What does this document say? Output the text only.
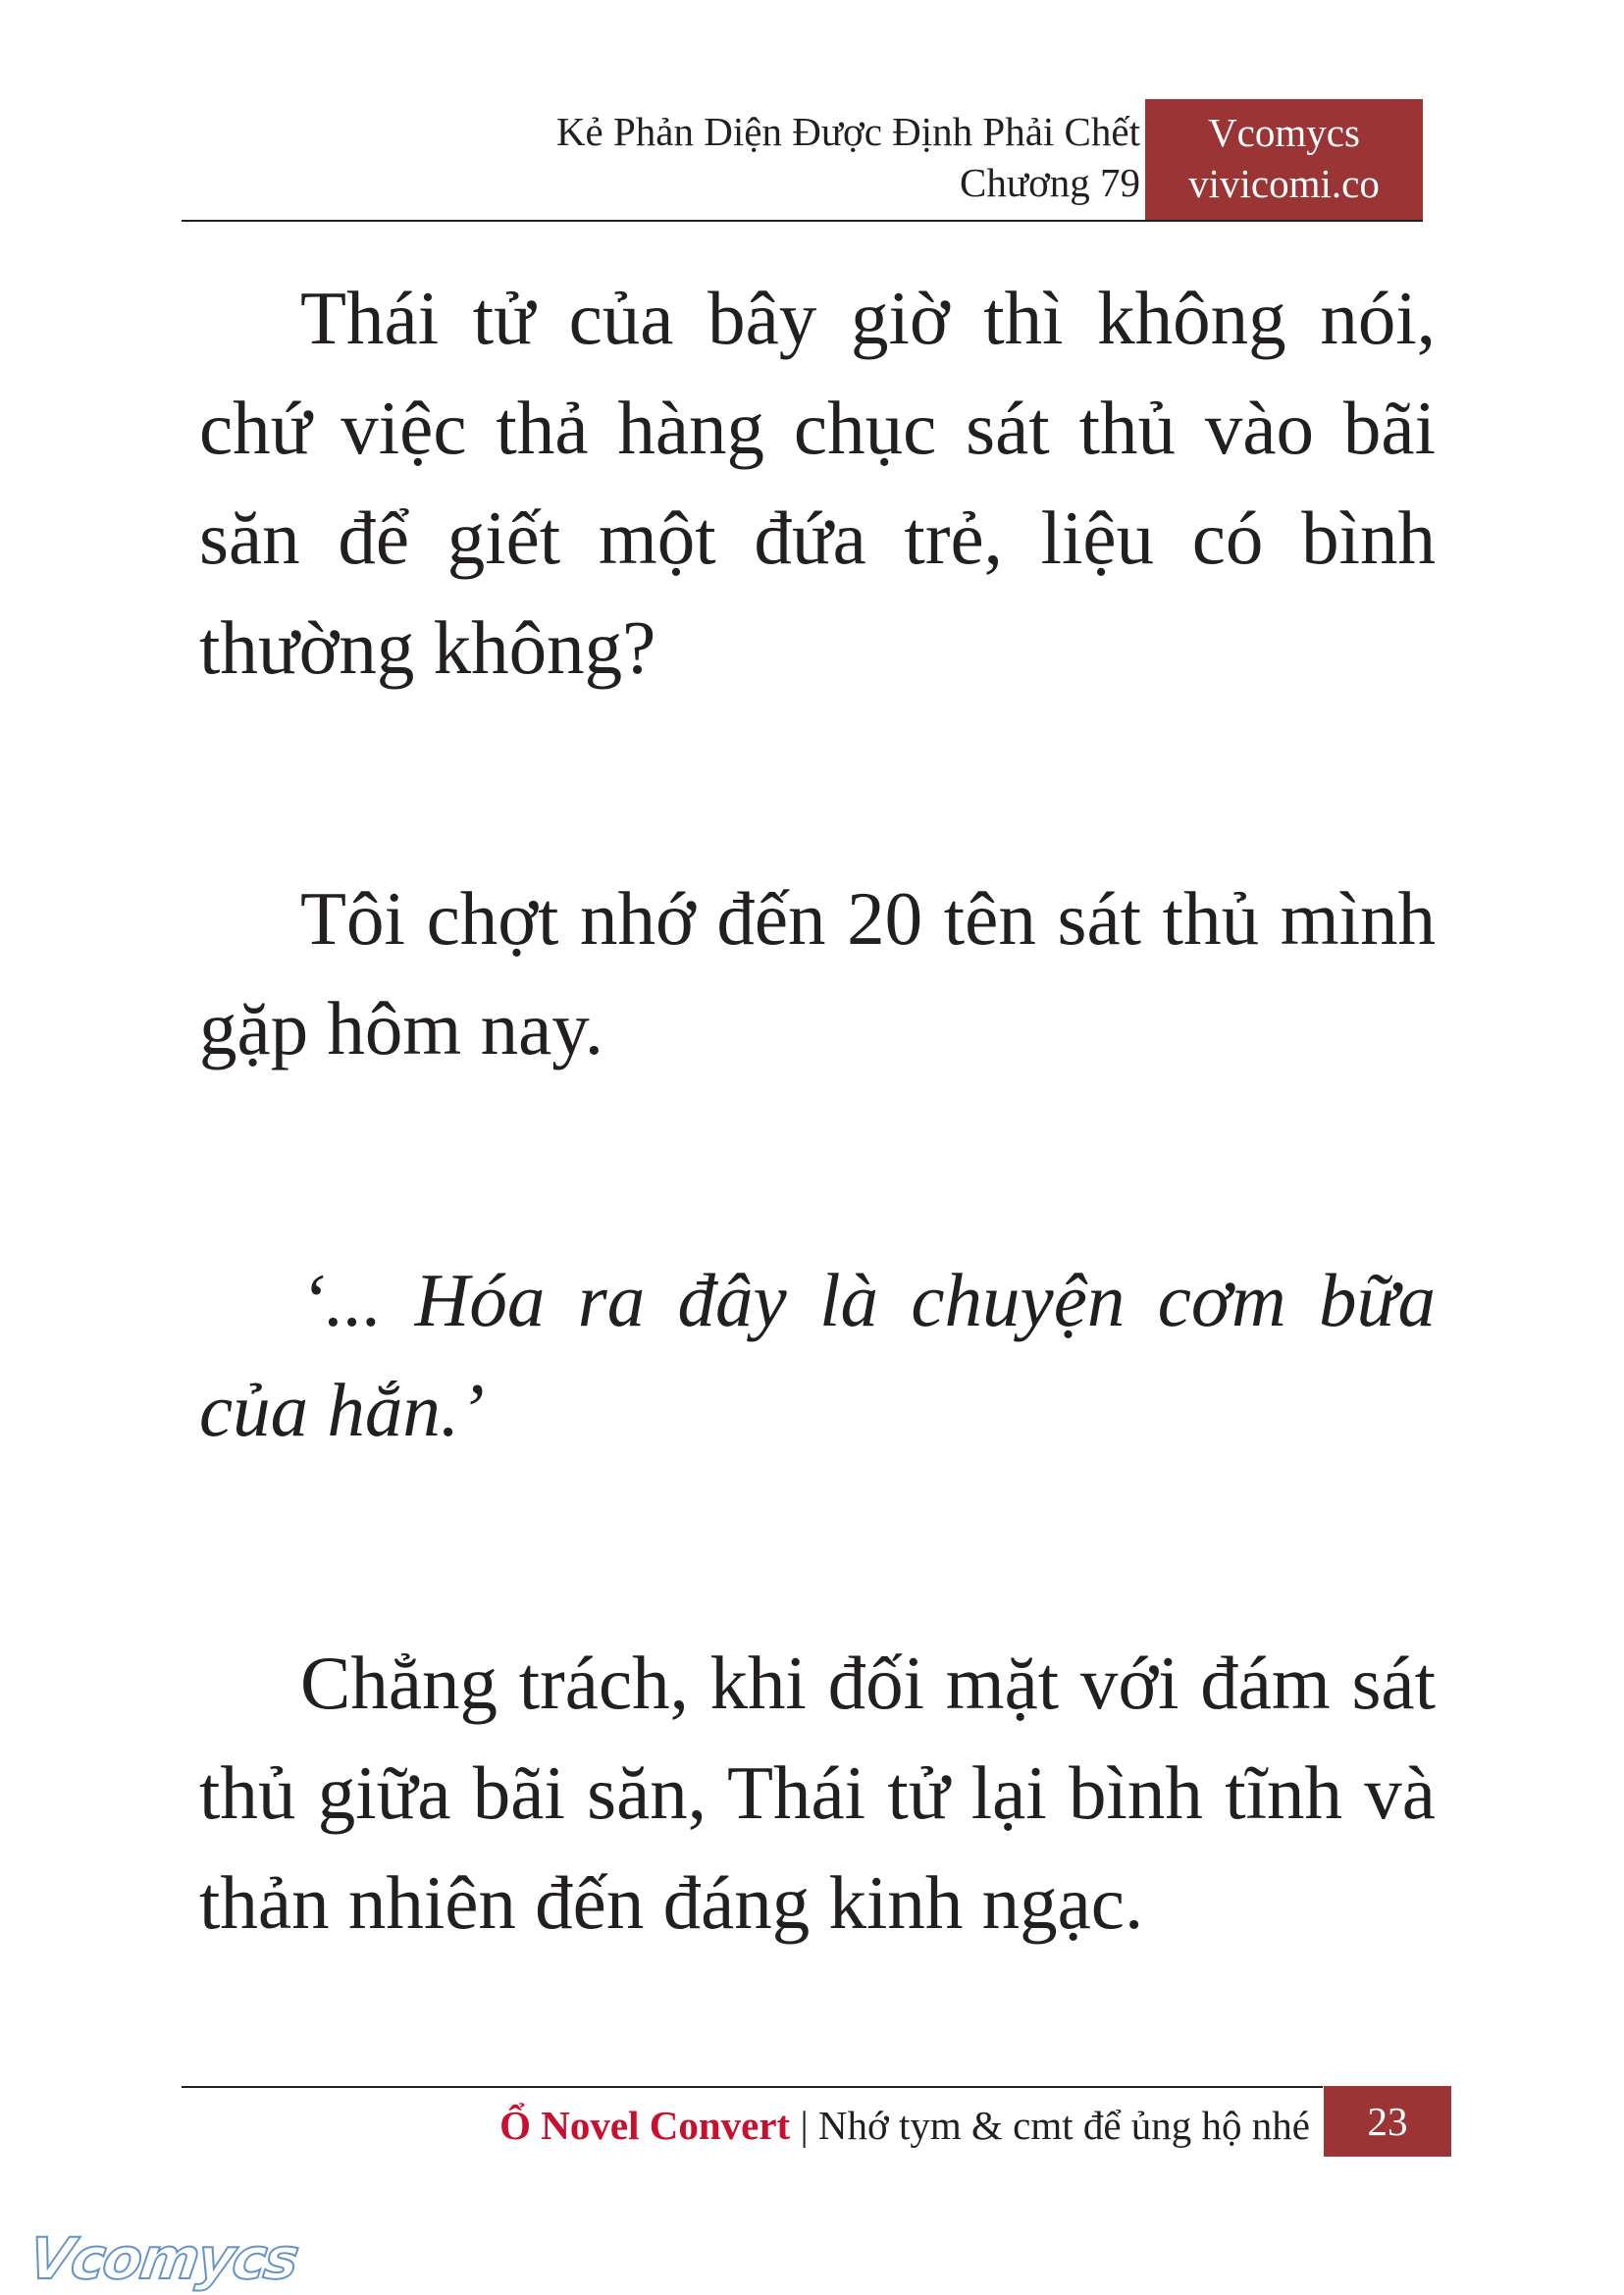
Kẻ Phản Diện Được Định Phải Chết
Chương 79
Vcomycs
vivicomi.co

Thái tử của bây giờ thì không nói, chứ việc thả hàng chục sát thủ vào bãi săn để giết một đứa trẻ, liệu có bình thường không?

Tôi chợt nhớ đến 20 tên sát thủ mình gặp hôm nay.

‘... Hóa ra đây là chuyện cơm bữa của hắn.’

Chẳng trách, khi đối mặt với đám sát thủ giữa bãi săn, Thái tử lại bình tĩnh và thản nhiên đến đáng kinh ngạc.

Ổ Novel Convert | Nhớ tym & cmt để ủng hộ nhé	23
Vcomycs
